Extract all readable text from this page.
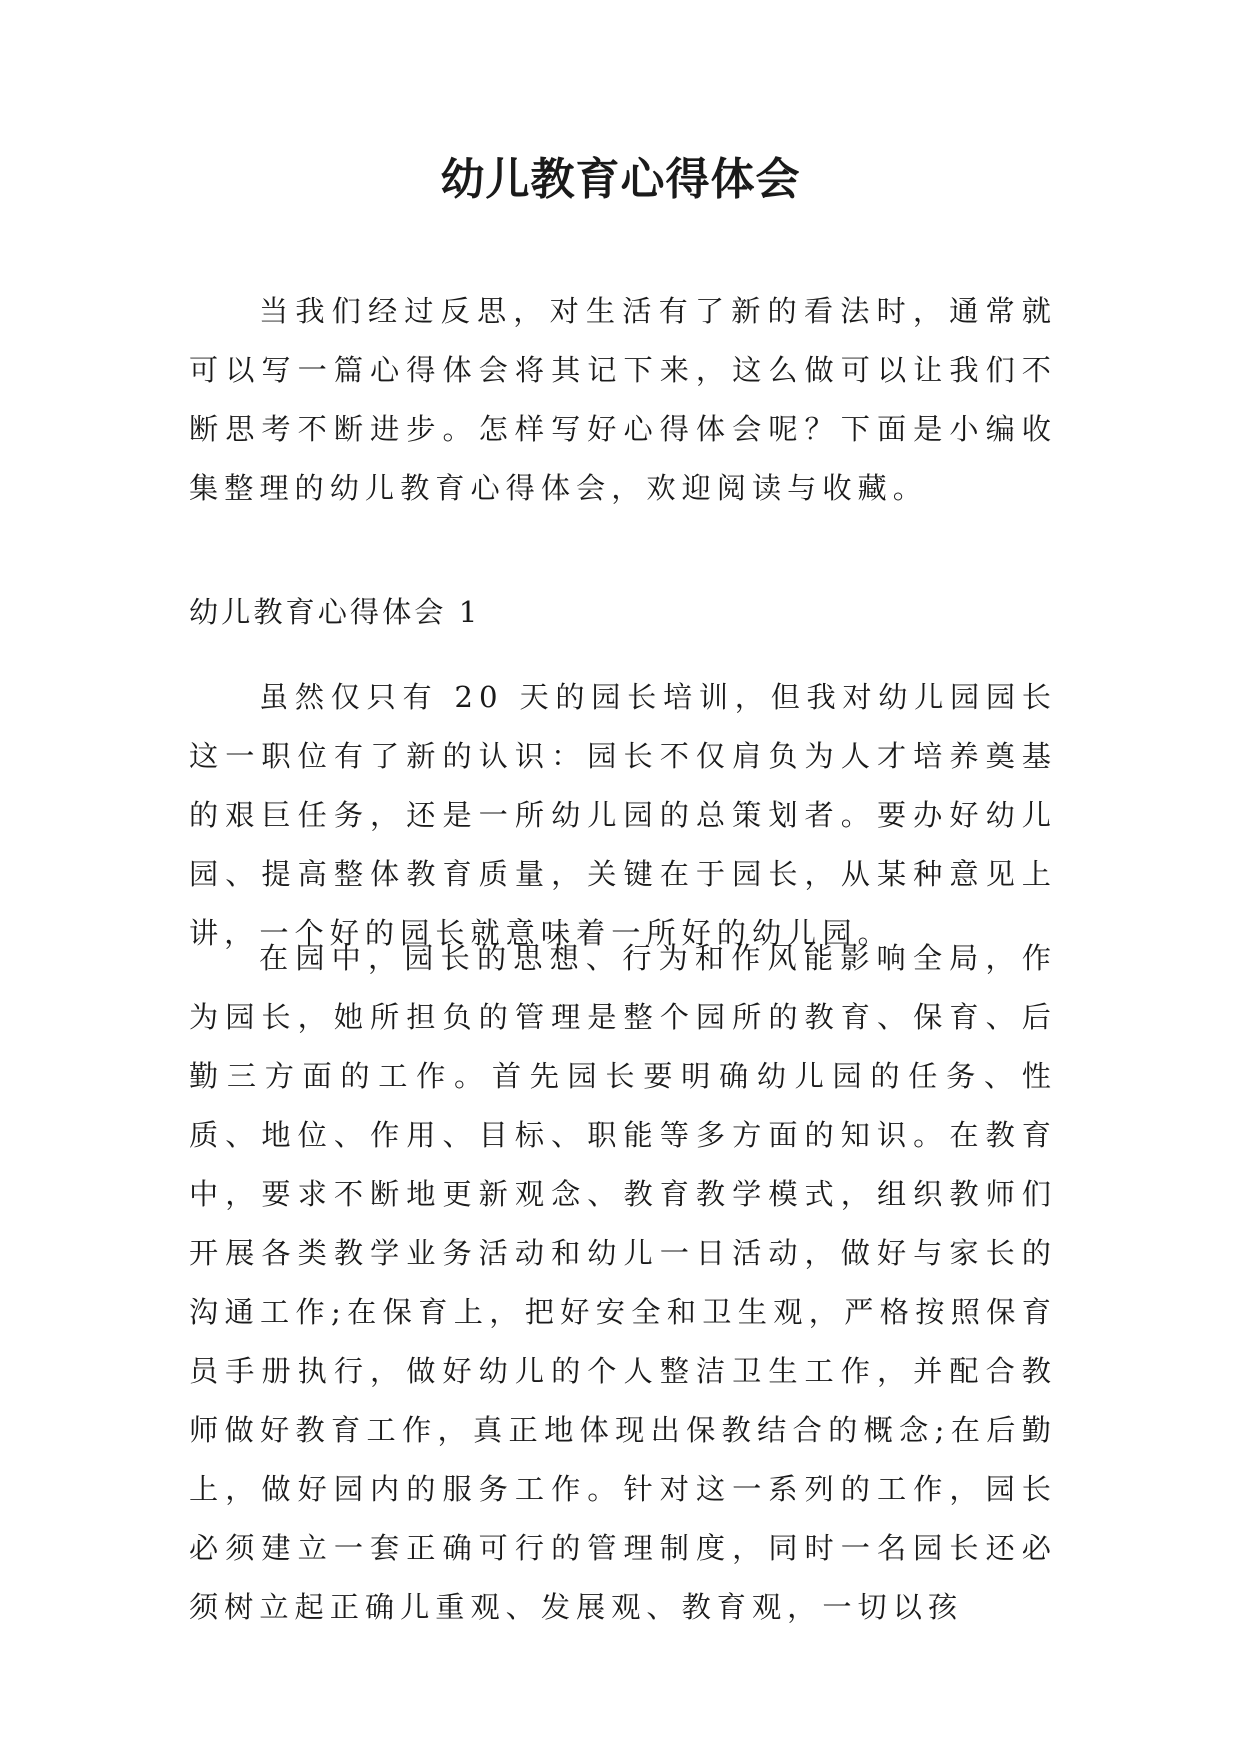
幼儿教育心得体会

当我们经过反思，对生活有了新的看法时，通常就可以写一篇心得体会将其记下来，这么做可以让我们不断思考不断进步。怎样写好心得体会呢？下面是小编收集整理的幼儿教育心得体会，欢迎阅读与收藏。

幼儿教育心得体会 1

虽然仅只有 20 天的园长培训，但我对幼儿园园长这一职位有了新的认识：园长不仅肩负为人才培养奠基的艰巨任务，还是一所幼儿园的总策划者。要办好幼儿园、提高整体教育质量，关键在于园长，从某种意见上讲，一个好的园长就意味着一所好的幼儿园。

在园中，园长的思想、行为和作风能影响全局，作为园长，她所担负的管理是整个园所的教育、保育、后勤三方面的工作。首先园长要明确幼儿园的任务、性质、地位、作用、目标、职能等多方面的知识。在教育中，要求不断地更新观念、教育教学模式，组织教师们开展各类教学业务活动和幼儿一日活动，做好与家长的沟通工作;在保育上，把好安全和卫生观，严格按照保育员手册执行，做好幼儿的个人整洁卫生工作，并配合教师做好教育工作，真正地体现出保教结合的概念;在后勤上，做好园内的服务工作。针对这一系列的工作，园长必须建立一套正确可行的管理制度，同时一名园长还必须树立起正确儿重观、发展观、教育观，一切以孩
